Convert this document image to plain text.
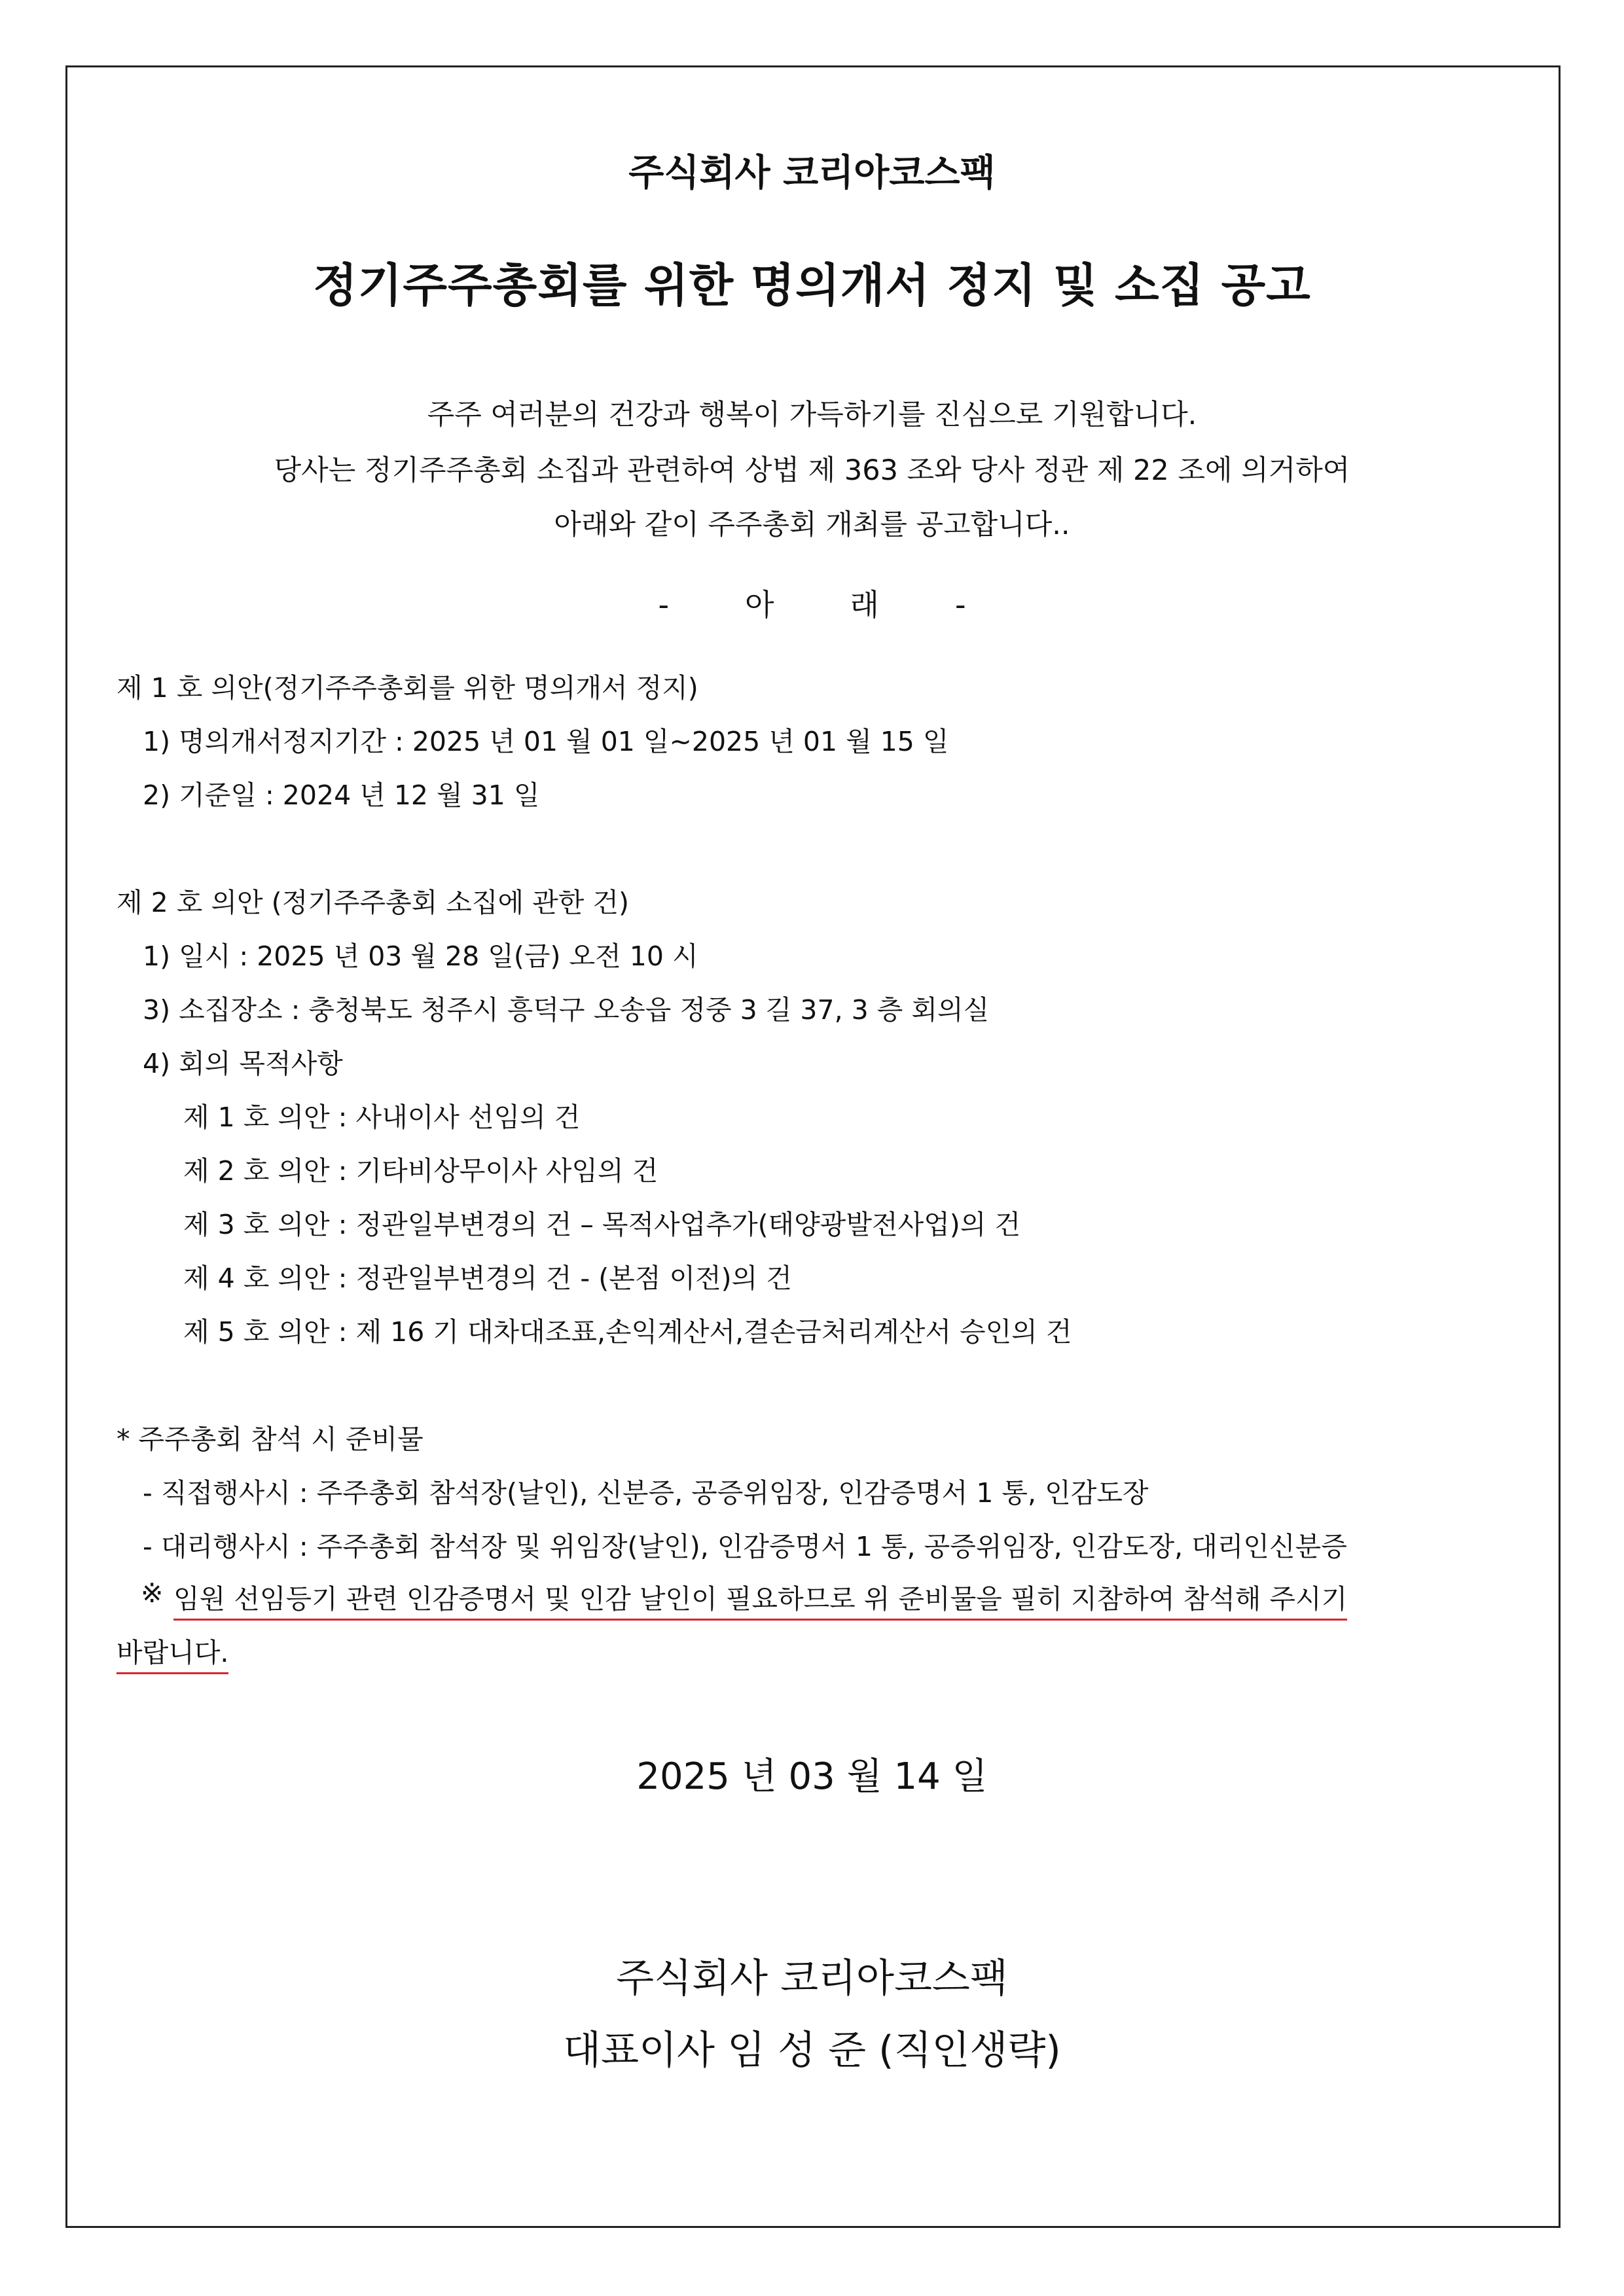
주식회사 코리아코스팩
정기주주총회를 위한 명의개서 정지 및 소집 공고
주주 여러분의 건강과 행복이 가득하기를 진심으로 기원합니다.
당사는 정기주주총회 소집과 관련하여 상법 제 363 조와 당사 정관 제 22 조에 의거하여
아래와 같이 주주총회 개최를 공고합니다..
-	아	래	-
제 1 호 의안(정기주주총회를 위한 명의개서 정지)
1) 명의개서정지기간 : 2025 년 01 월 01 일~2025 년 01 월 15 일
2) 기준일 : 2024 년 12 월 31 일
제 2 호 의안 (정기주주총회 소집에 관한 건)
1) 일시 : 2025 년 03 월 28 일(금) 오전 10 시
3) 소집장소 : 충청북도 청주시 흥덕구 오송읍 정중 3 길 37, 3 층 회의실
4) 회의 목적사항
제 1 호 의안 : 사내이사 선임의 건
제 2 호 의안 : 기타비상무이사 사임의 건
제 3 호 의안 : 정관일부변경의 건 – 목적사업추가(태양광발전사업)의 건
제 4 호 의안 : 정관일부변경의 건 - (본점 이전)의 건
제 5 호 의안 : 제 16 기 대차대조표,손익계산서,결손금처리계산서 승인의 건
* 주주총회 참석 시 준비물
- 직접행사시 : 주주총회 참석장(날인), 신분증, 공증위임장, 인감증명서 1 통, 인감도장
- 대리행사시 : 주주총회 참석장 및 위임장(날인), 인감증명서 1 통, 공증위임장, 인감도장, 대리인신분증
※ 임원 선임등기 관련 인감증명서 및 인감 날인이 필요하므로 위 준비물을 필히 지참하여 참석해 주시기
바랍니다.
2025 년 03 월 14 일
주식회사 코리아코스팩
대표이사 임 성 준 (직인생략)
